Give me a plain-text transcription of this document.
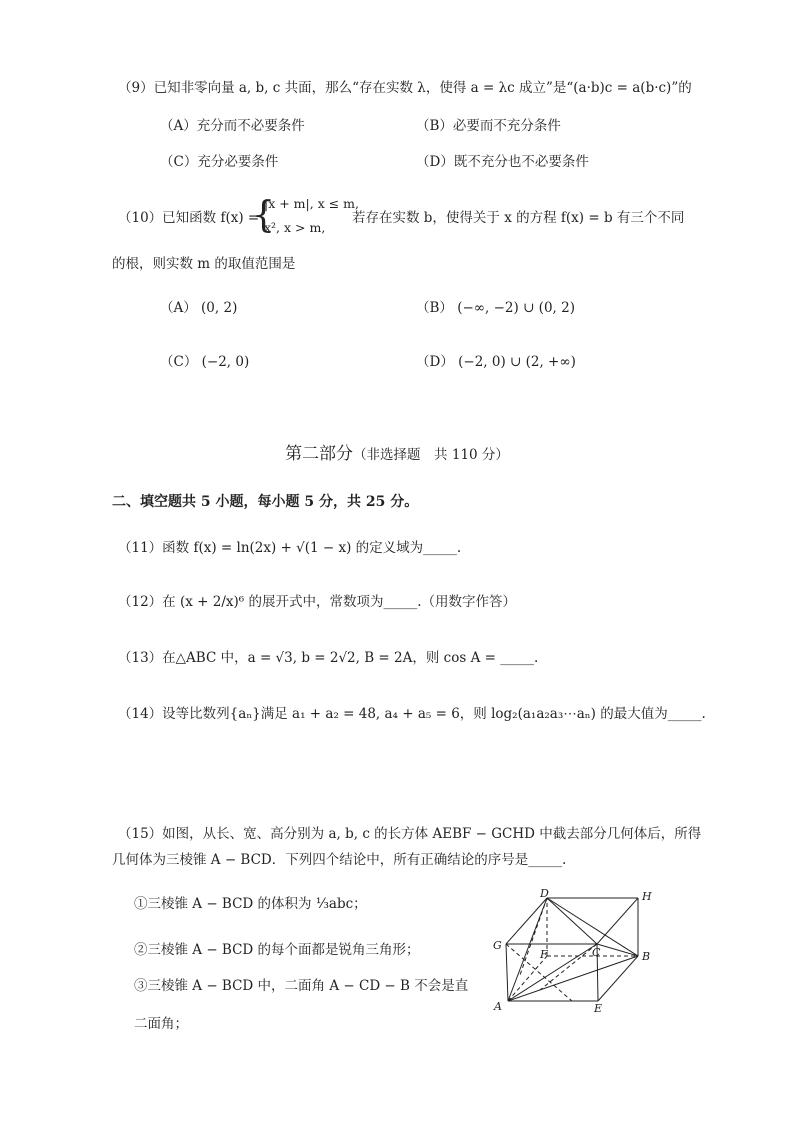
（9）已知非零向量 a, b, c 共面，那么“存在实数 λ，使得 a = λc 成立”是“(a·b)c = a(b·c)”的
（A）充分而不必要条件	（B）必要而不充分条件
（C）充分必要条件	（D）既不充分也不必要条件
（10）已知函数 f(x) =
{
|x + m|, x ≤ m,
x², x > m,
若存在实数 b，使得关于 x 的方程 f(x) = b 有三个不同
的根，则实数 m 的取值范围是
（A） (0, 2)	（B） (−∞, −2) ∪ (0, 2)
（C） (−2, 0)	（D） (−2, 0) ∪ (2, +∞)
第二部分（非选择题　共 110 分）
二、填空题共 5 小题，每小题 5 分，共 25 分。
（11）函数 f(x) = ln(2x) + √(1 − x) 的定义域为_____.
（12）在 (x + 2/x)⁶ 的展开式中，常数项为_____.（用数字作答）
（13）在△ABC 中，a = √3, b = 2√2, B = 2A，则 cos A = _____.
（14）设等比数列{aₙ}满足 a₁ + a₂ = 48, a₄ + a₅ = 6，则 log₂(a₁a₂a₃⋯aₙ) 的最大值为_____.
（15）如图，从长、宽、高分别为 a, b, c 的长方体 AEBF − GCHD 中截去部分几何体后，所得
几何体为三棱锥 A − BCD．下列四个结论中，所有正确结论的序号是_____.
①三棱锥 A − BCD 的体积为 ⅓abc；
②三棱锥 A − BCD 的每个面都是锐角三角形；
③三棱锥 A − BCD 中，二面角 A − CD − B 不会是直
二面角；
D	H
G
F	C	B
A	E
